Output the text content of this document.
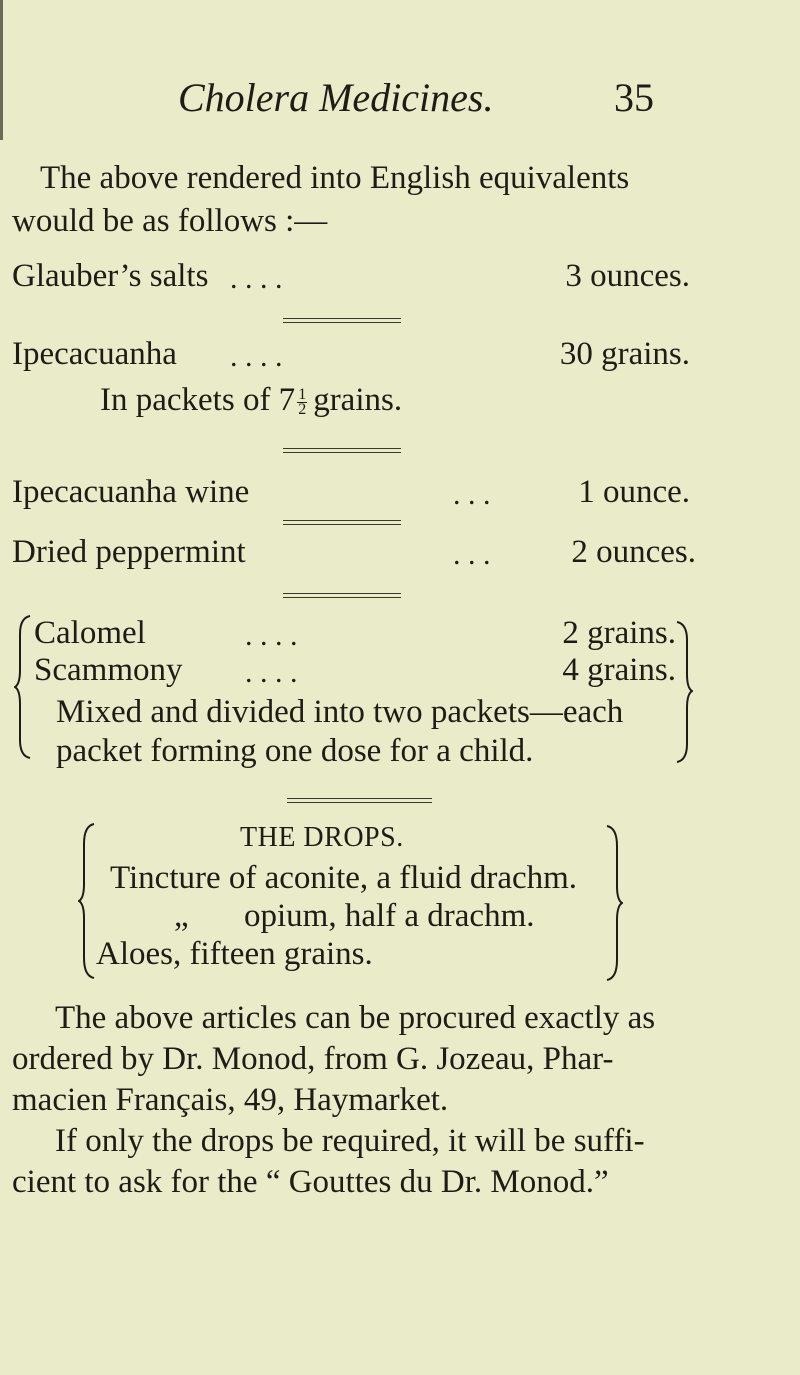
Cholera Medicines.	35
The above rendered into English equivalents
would be as follows :—
Glauber’s salts . . . .	3 ounces.
Ipecacuanha . . . .	30 grains.
In packets of $7 \frac{1}{2}$ grains.
Ipecacuanha wine	. . .	1 ounce.
Dried peppermint	. . .	2 ounces.
Calomel	. . . .	2 grains.
Scammony . . . .	4 grains.
Mixed and divided into two packets—each
packet forming one dose for a child.
THE DROPS.
Tincture of aconite, a fluid drachm.
„ opium, half a drachm.
Aloes, fifteen grains.
The above articles can be procured exactly as
ordered by Dr. Monod, from G. Jozeau, Phar-
macien Français, 49, Haymarket.
If only the drops be required, it will be suffi-
cient to ask for the “ Gouttes du Dr. Monod.”
